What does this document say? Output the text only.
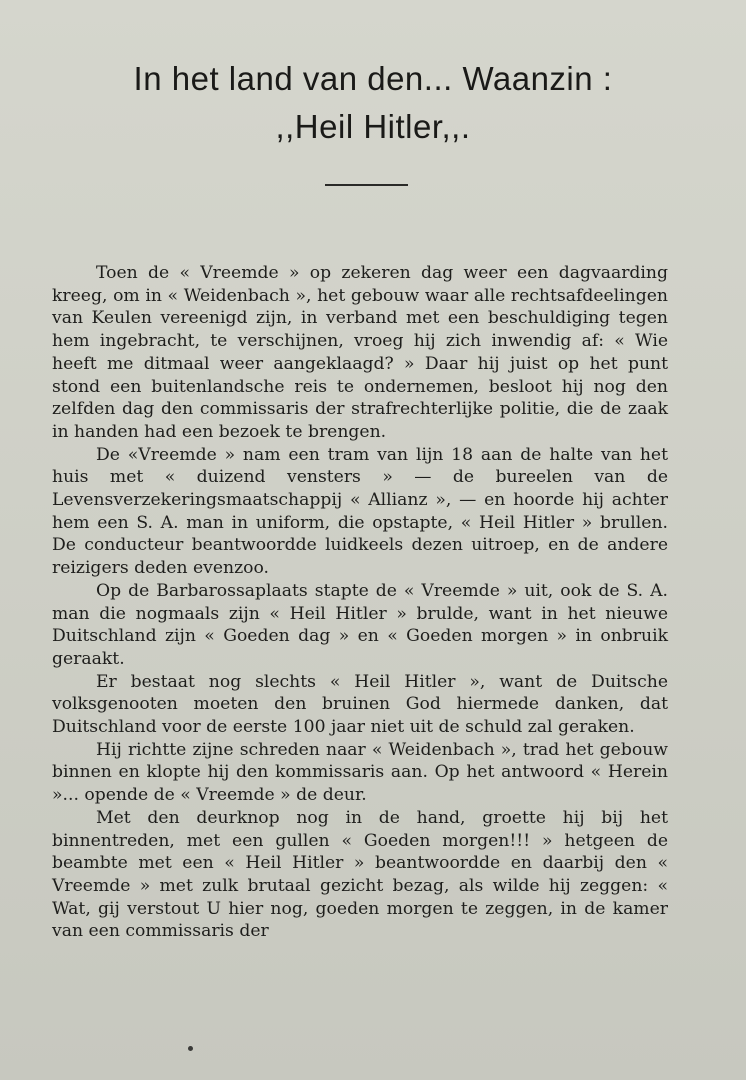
In het land van den... Waanzin :
,,Heil Hitler,,.

Toen de « Vreemde » op zekeren dag weer een dagvaarding kreeg, om in « Weidenbach », het gebouw waar alle rechtsafdeelingen van Keulen vereenigd zijn, in verband met een beschuldiging tegen hem ingebracht, te verschijnen, vroeg hij zich inwendig af: « Wie heeft me ditmaal weer aangeklaagd? » Daar hij juist op het punt stond een buitenlandsche reis te ondernemen, besloot hij nog den zelfden dag den commissaris der strafrechterlijke politie, die de zaak in handen had een bezoek te brengen.

De «Vreemde » nam een tram van lijn 18 aan de halte van het huis met « duizend vensters » — de bureelen van de Levensverzekeringsmaatschappij « Allianz », — en hoorde hij achter hem een S. A. man in uniform, die opstapte, « Heil Hitler » brullen. De conducteur beantwoordde luidkeels dezen uitroep, en de andere reizigers deden evenzoo.

Op de Barbarossaplaats stapte de « Vreemde » uit, ook de S. A. man die nogmaals zijn « Heil Hitler » brulde, want in het nieuwe Duitschland zijn « Goeden dag » en « Goeden morgen » in onbruik geraakt.

Er bestaat nog slechts « Heil Hitler », want de Duitsche volksgenooten moeten den bruinen God hiermede danken, dat Duitschland voor de eerste 100 jaar niet uit de schuld zal geraken.

Hij richtte zijne schreden naar « Weidenbach », trad het gebouw binnen en klopte hij den kommissaris aan. Op het antwoord « Herein »... opende de « Vreemde » de deur.

Met den deurknop nog in de hand, groette hij bij het binnentreden, met een gullen « Goeden morgen!!! » hetgeen de beambte met een « Heil Hitler » beantwoordde en daarbij den « Vreemde » met zulk brutaal gezicht bezag, als wilde hij zeggen: « Wat, gij verstout U hier nog, goeden morgen te zeggen, in de kamer van een commissaris der
